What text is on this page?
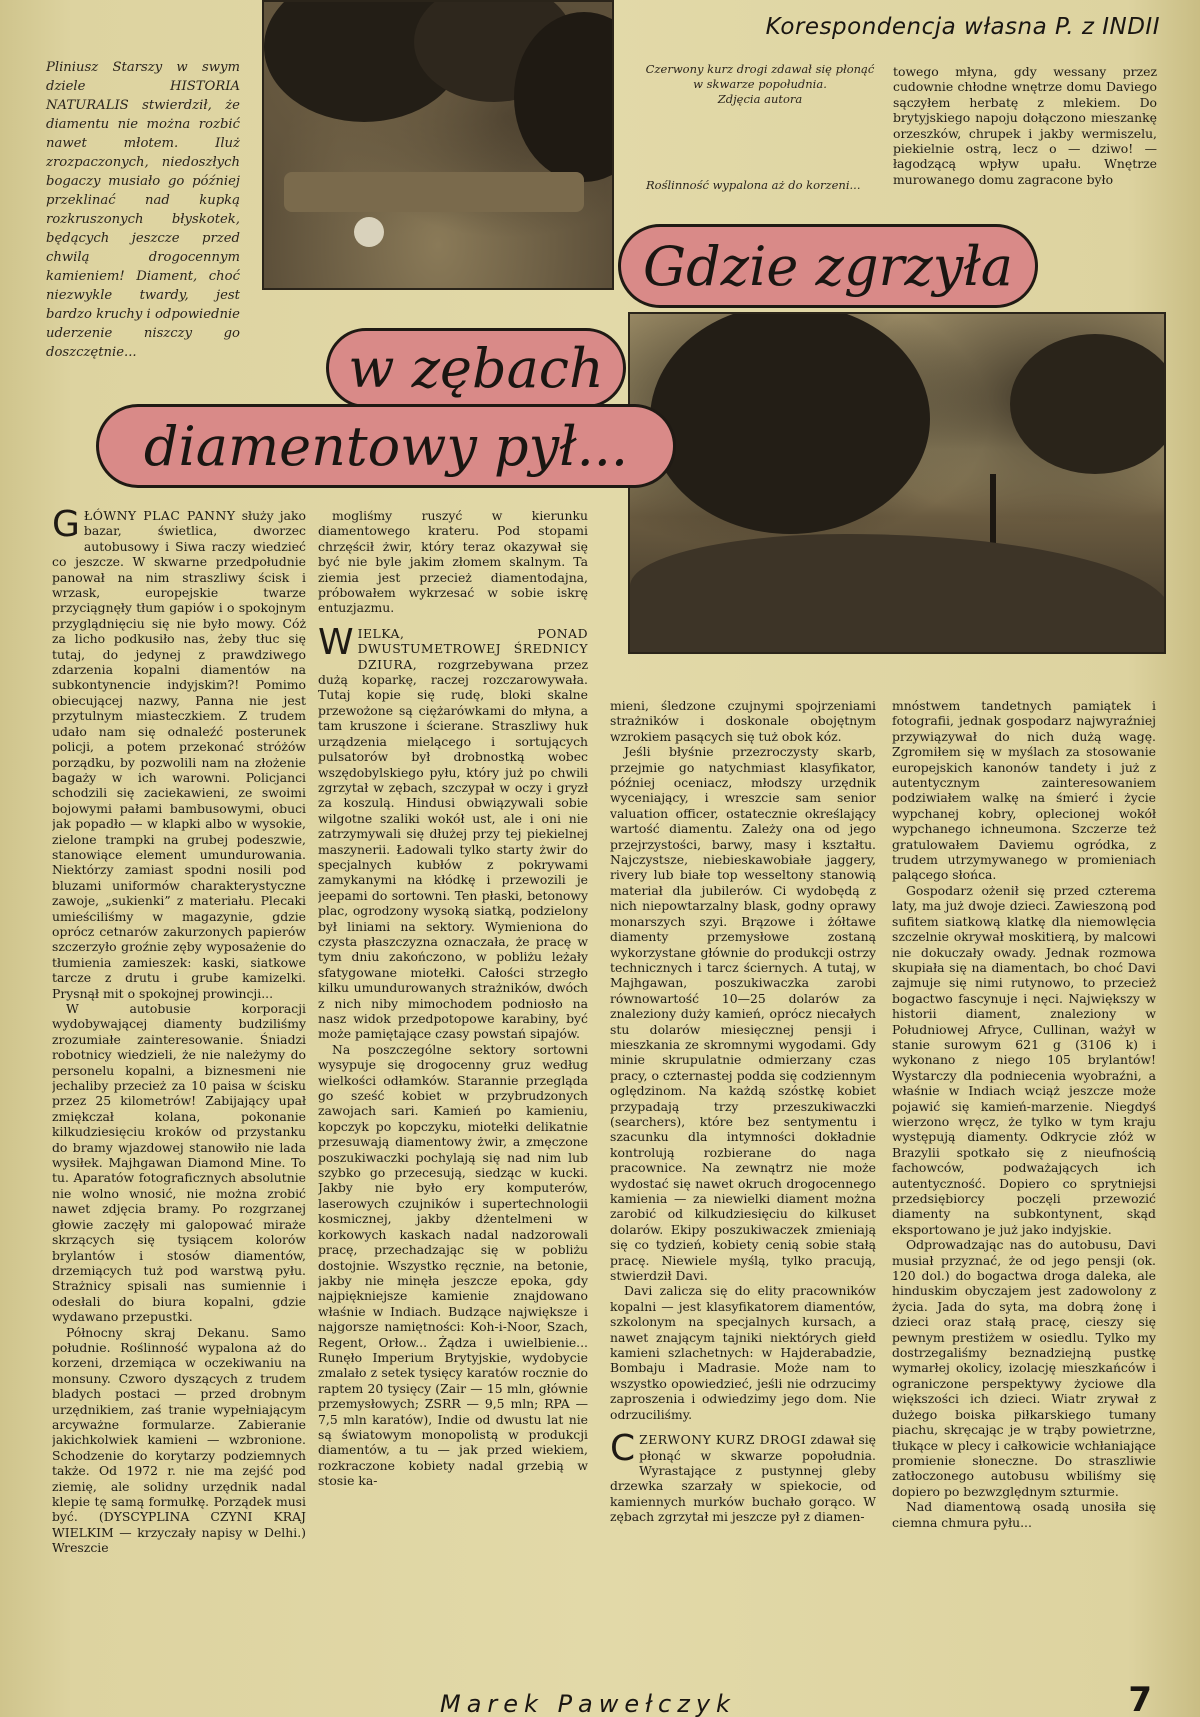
Korespondencja własna P. z INDII
Pliniusz Starszy w swym dziele HISTORIA NATURALIS stwierdził, że diamentu nie można rozbić nawet młotem. Iluż zrozpaczonych, niedoszłych bogaczy musiało go później przeklinać nad kupką rozkruszonych błyskotek, będących jeszcze przed chwilą drogocennym kamieniem! Diament, choć niezwykle twardy, jest bardzo kruchy i odpowiednie uderzenie niszczy go doszczętnie...
Czerwony kurz drogi zdawał się płonąć w skwarze popołudnia.
Zdjęcia autora
Roślinność wypalona aż do korzeni...

towego młyna, gdy wessany przez cudownie chłodne wnętrze domu Daviego sączyłem herbatę z mlekiem. Do brytyjskiego napoju dołączono mieszankę orzeszków, chrupek i jakby wermiszelu, piekielnie ostrą, lecz o — dziwo! — łagodzącą wpływ upału. Wnętrze murowanego domu zagracone było

Gdzie zgrzyła
w zębach
diamentowy pył...

GŁÓWNY PLAC PANNY służy jako bazar, świetlica, dworzec autobusowy i Siwa raczy wiedzieć co jeszcze. W skwarne przedpołudnie panował na nim straszliwy ścisk i wrzask, europejskie twarze przyciągnęły tłum gapiów i o spokojnym przyglądnięciu się nie było mowy. Cóż za licho podkusiło nas, żeby tłuc się tutaj, do jedynej z prawdziwego zdarzenia kopalni diamentów na subkontynencie indyjskim?! Pomimo obiecującej nazwy, Panna nie jest przytulnym miasteczkiem. Z trudem udało nam się odnaleźć posterunek policji, a potem przekonać stróżów porządku, by pozwolili nam na złożenie bagaży w ich warowni. Policjanci schodzili się zaciekawieni, ze swoimi bojowymi pałami bambusowymi, obuci jak popadło — w klapki albo w wysokie, zielone trampki na grubej podeszwie, stanowiące element umundurowania. Niektórzy zamiast spodni nosili pod bluzami uniformów charakterystyczne zawoje, „sukienki” z materiału. Plecaki umieściliśmy w magazynie, gdzie oprócz cetnarów zakurzonych papierów szczerzyło groźnie zęby wyposażenie do tłumienia zamieszek: kaski, siatkowe tarcze z drutu i grube kamizelki. Prysnął mit o spokojnej prowincji...

W autobusie korporacji wydobywającej diamenty budziliśmy zrozumiałe zainteresowanie. Śniadzi robotnicy wiedzieli, że nie należymy do personelu kopalni, a biznesmeni nie jechaliby przecież za 10 paisa w ścisku przez 25 kilometrów! Zabijający upał zmiękczał kolana, pokonanie kilkudziesięciu kroków od przystanku do bramy wjazdowej stanowiło nie lada wysiłek. Majhgawan Diamond Mine. To tu. Aparatów fotograficznych absolutnie nie wolno wnosić, nie można zrobić nawet zdjęcia bramy. Po rozgrzanej głowie zaczęły mi galopować miraże skrzących się tysiącem kolorów brylantów i stosów diamentów, drzemiących tuż pod warstwą pyłu. Strażnicy spisali nas sumiennie i odesłali do biura kopalni, gdzie wydawano przepustki.

Północny skraj Dekanu. Samo południe. Roślinność wypalona aż do korzeni, drzemiąca w oczekiwaniu na monsuny. Czworo dyszących z trudem bladych postaci — przed drobnym urzędnikiem, zaś tranie wypełniającym arcyważne formularze. Zabieranie jakichkolwiek kamieni — wzbronione. Schodzenie do korytarzy podziemnych także. Od 1972 r. nie ma zejść pod ziemię, ale solidny urzędnik nadal klepie tę samą formułkę. Porządek musi być. (DYSCYPLINA CZYNI KRAJ WIELKIM — krzyczały napisy w Delhi.) Wreszcie

mogliśmy ruszyć w kierunku diamentowego krateru. Pod stopami chrzęścił żwir, który teraz okazywał się być nie byle jakim złomem skalnym. Ta ziemia jest przecież diamentodajna, próbowałem wykrzesać w sobie iskrę entuzjazmu.

WIELKA, PONAD DWUSTUMETROWEJ ŚREDNICY DZIURA, rozgrzebywana przez dużą koparkę, raczej rozczarowywała. Tutaj kopie się rudę, bloki skalne przewożone są ciężarówkami do młyna, a tam kruszone i ścierane. Straszliwy huk urządzenia mielącego i sortujących pulsatorów był drobnostką wobec wszędobylskiego pyłu, który już po chwili zgrzytał w zębach, szczypał w oczy i gryzł za koszulą. Hindusi obwiązywali sobie wilgotne szaliki wokół ust, ale i oni nie zatrzymywali się dłużej przy tej piekielnej maszynerii. Ładowali tylko starty żwir do specjalnych kubłów z pokrywami zamykanymi na kłódkę i przewozili je jeepami do sortowni. Ten płaski, betonowy plac, ogrodzony wysoką siatką, podzielony był liniami na sektory. Wymieniona do czysta płaszczyzna oznaczała, że pracę w tym dniu zakończono, w pobliżu leżały sfatygowane miotełki. Całości strzegło kilku umundurowanych strażników, dwóch z nich niby mimochodem podniosło na nasz widok przedpotopowe karabiny, być może pamiętające czasy powstań sipajów.

Na poszczególne sektory sortowni wysypuje się drogocenny gruz według wielkości odłamków. Starannie przegląda go sześć kobiet w przybrudzonych zawojach sari. Kamień po kamieniu, kopczyk po kopczyku, miotełki delikatnie przesuwają diamentowy żwir, a zmęczone poszukiwaczki pochylają się nad nim lub szybko go przecesują, siedząc w kucki. Jakby nie było ery komputerów, laserowych czujników i supertechnologii kosmicznej, jakby dżentelmeni w korkowych kaskach nadal nadzorowali pracę, przechadzając się w pobliżu dostojnie. Wszystko ręcznie, na betonie, jakby nie minęła jeszcze epoka, gdy najpiękniejsze kamienie znajdowano właśnie w Indiach. Budzące największe i najgorsze namiętności: Koh-i-Noor, Szach, Regent, Orłow... Żądza i uwielbienie... Runęło Imperium Brytyjskie, wydobycie zmalało z setek tysięcy karatów rocznie do raptem 20 tysięcy (Zair — 15 mln, głównie przemysłowych; ZSRR — 9,5 mln; RPA — 7,5 mln karatów), Indie od dwustu lat nie są światowym monopolistą w produkcji diamentów, a tu — jak przed wiekiem, rozkraczone kobiety nadal grzebią w stosie ka-

mieni, śledzone czujnymi spojrzeniami strażników i doskonale obojętnym wzrokiem pasących się tuż obok kóz.

Jeśli błyśnie przezroczysty skarb, przejmie go natychmiast klasyfikator, później oceniacz, młodszy urzędnik wyceniający, i wreszcie sam senior valuation officer, ostatecznie określający wartość diamentu. Zależy ona od jego przejrzystości, barwy, masy i kształtu. Najczystsze, niebieskawobiałe jaggery, rivery lub białe top wesseltony stanowią materiał dla jubilerów. Ci wydobędą z nich niepowtarzalny blask, godny oprawy monarszych szyi. Brązowe i żółtawe diamenty przemysłowe zostaną wykorzystane głównie do produkcji ostrzy technicznych i tarcz ściernych. A tutaj, w Majhgawan, poszukiwaczka zarobi równowartość 10—25 dolarów za znaleziony duży kamień, oprócz niecałych stu dolarów miesięcznej pensji i mieszkania ze skromnymi wygodami. Gdy minie skrupulatnie odmierzany czas pracy, o czternastej podda się codziennym oględzinom. Na każdą szóstkę kobiet przypadają trzy przeszukiwaczki (searchers), które bez sentymentu i szacunku dla intymności dokładnie kontrolują rozbierane do naga pracownice. Na zewnątrz nie może wydostać się nawet okruch drogocennego kamienia — za niewielki diament można zarobić od kilkudziesięciu do kilkuset dolarów. Ekipy poszukiwaczek zmieniają się co tydzień, kobiety cenią sobie stałą pracę. Niewiele myślą, tylko pracują, stwierdził Davi.

Davi zalicza się do elity pracowników kopalni — jest klasyfikatorem diamentów, szkolonym na specjalnych kursach, a nawet znającym tajniki niektórych giełd kamieni szlachetnych: w Hajderabadzie, Bombaju i Madrasie. Może nam to wszystko opowiedzieć, jeśli nie odrzucimy zaproszenia i odwiedzimy jego dom. Nie odrzuciliśmy.

CZERWONY KURZ DROGI zdawał się płonąć w skwarze popołudnia. Wyrastające z pustynnej gleby drzewka szarzały w spiekocie, od kamiennych murków buchało gorąco. W zębach zgrzytał mi jeszcze pył z diamen-

mnóstwem tandetnych pamiątek i fotografii, jednak gospodarz najwyraźniej przywiązywał do nich dużą wagę. Zgromiłem się w myślach za stosowanie europejskich kanonów tandety i już z autentycznym zainteresowaniem podziwiałem walkę na śmierć i życie wypchanej kobry, oplecionej wokół wypchanego ichneumona. Szczerze też gratulowałem Daviemu ogródka, z trudem utrzymywanego w promieniach palącego słońca.

Gospodarz ożenił się przed czterema laty, ma już dwoje dzieci. Zawieszoną pod sufitem siatkową klatkę dla niemowlęcia szczelnie okrywał moskitierą, by malcowi nie dokuczały owady. Jednak rozmowa skupiała się na diamentach, bo choć Davi zajmuje się nimi rutynowo, to przecież bogactwo fascynuje i nęci. Największy w historii diament, znaleziony w Południowej Afryce, Cullinan, ważył w stanie surowym 621 g (3106 k) i wykonano z niego 105 brylantów! Wystarczy dla podniecenia wyobraźni, a właśnie w Indiach wciąż jeszcze może pojawić się kamień-marzenie. Niegdyś wierzono wręcz, że tylko w tym kraju występują diamenty. Odkrycie złóż w Brazylii spotkało się z nieufnością fachowców, podważających ich autentyczność. Dopiero co sprytniejsi przedsiębiorcy poczęli przewozić diamenty na subkontynent, skąd eksportowano je już jako indyjskie.

Odprowadzając nas do autobusu, Davi musiał przyznać, że od jego pensji (ok. 120 dol.) do bogactwa droga daleka, ale hinduskim obyczajem jest zadowolony z życia. Jada do syta, ma dobrą żonę i dzieci oraz stałą pracę, cieszy się pewnym prestiżem w osiedlu. Tylko my dostrzegaliśmy beznadziejną pustkę wymarłej okolicy, izolację mieszkańców i ograniczone perspektywy życiowe dla większości ich dzieci. Wiatr zrywał z dużego boiska piłkarskiego tumany piachu, skręcając je w trąby powietrzne, tłukące w plecy i całkowicie wchłaniające promienie słoneczne. Do straszliwie zatłoczonego autobusu wbiliśmy się dopiero po bezwzględnym szturmie.

Nad diamentową osadą unosiła się ciemna chmura pyłu...

Marek Pawełczyk	7
